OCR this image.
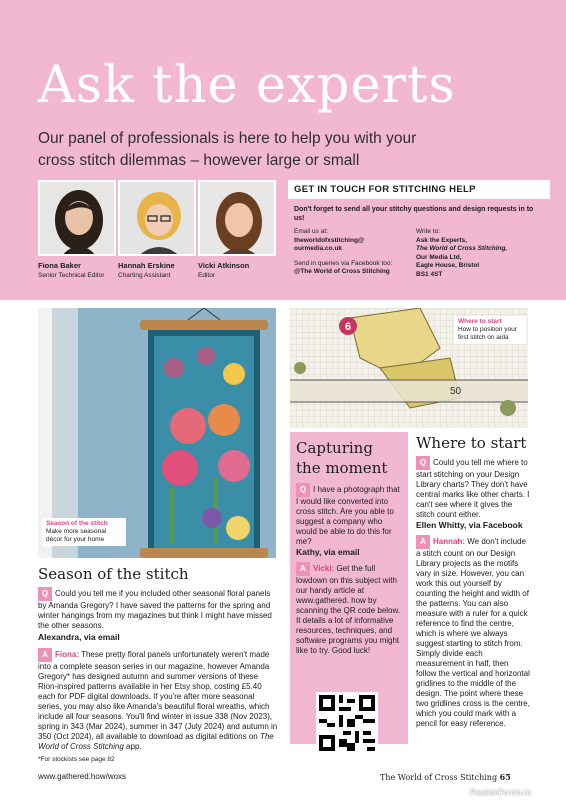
Ask the experts
Our panel of professionals is here to help you with your cross stitch dilemmas – however large or small
Fiona Baker
Senior Technical Editor
Hannah Erskine
Charting Assistant
Vicki Atkinson
Editor
GET IN TOUCH FOR STITCHING HELP
Don't forget to send all your stitchy questions and design requests in to us!
Email us at:
theworldofxstitching@ ourmedia.co.uk
Send in queries via Facebook too:
@The World of Cross Stitching
Write to:
Ask the Experts,
The World of Cross Stitching,
Our Media Ltd,
Eagle House, Bristol
BS1 4ST
Season of the stitch
Make more seasonal décor for your home
6
50
Where to start
How to position your first stitch on aida
Season of the stitch
Q Could you tell me if you included other seasonal floral panels by Amanda Gregory? I have saved the patterns for the spring and winter hangings from my magazines but think I might have missed the other seasons.
Alexandra, via email
A Fiona: These pretty floral panels unfortunately weren't made into a complete season series in our magazine, however Amanda Gregory* has designed autumn and summer versions of these Rion-inspired patterns available in her Etsy shop, costing £5.40 each for PDF digital downloads. If you're after more seasonal series, you may also like Amanda's beautiful floral wreaths, which include all four seasons. You'll find winter in issue 338 (Nov 2023), spring in 343 (Mar 2024), summer in 347 (July 2024) and autumn in 350 (Oct 2024), all available to download as digital editions on The World of Cross Stitching app.
Capturing
the moment
Q I have a photograph that I would like converted into cross stitch. Are you able to suggest a company who would be able to do this for me?
Kathy, via email
A Vicki: Get the full lowdown on this subject with our handy article at www.gathered. how by scanning the QR code below. It details a lot of informative resources, techniques, and software programs you might like to try. Good luck!
Where to start
Q Could you tell me where to start stitching on your Design Library charts? They don't have central marks like other charts. I can't see where it gives the stitch count either.
Ellen Whitty, via Facebook
A Hannah: We don't include a stitch count on our Design Library projects as the motifs vary in size. However, you can work this out yourself by counting the height and width of the patterns. You can also measure with a ruler for a quick reference to find the centre, which is where we always suggest starting to stitch from. Simply divide each measurement in half, then follow the vertical and horizontal gridlines to the middle of the design. The point where these two gridlines cross is the centre, which you could mark with a pencil for easy reference.
*For stockists see page 82
www.gathered.how/woxs	The World of Cross Stitching 65
PassionForum.ru
